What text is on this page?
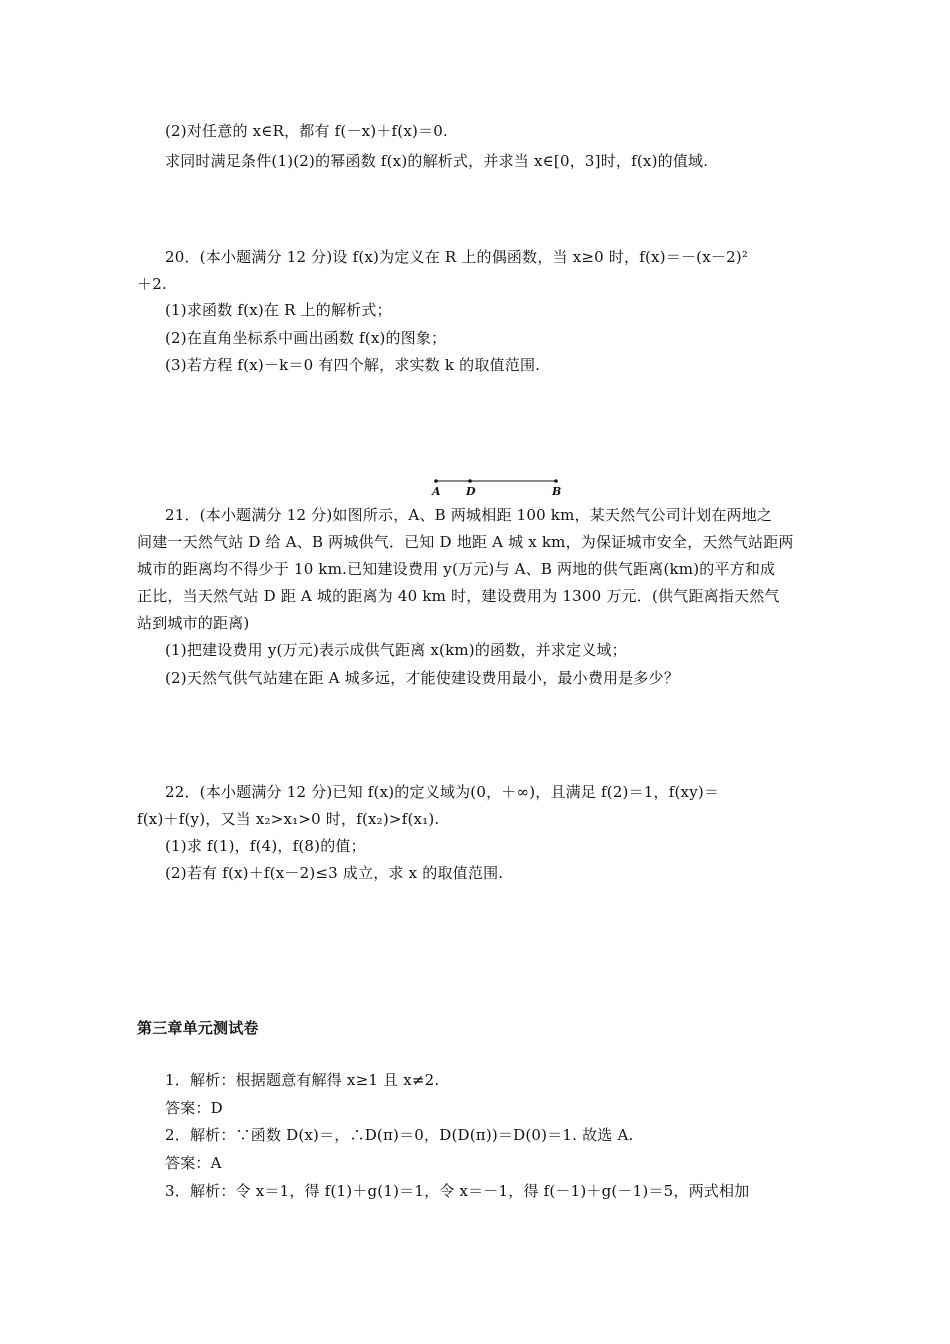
(2)对任意的 x∈R，都有 f(－x)＋f(x)＝0.
求同时满足条件(1)(2)的幂函数 f(x)的解析式，并求当 x∈[0，3]时，f(x)的值域.
20．(本小题满分 12 分)设 f(x)为定义在 R 上的偶函数，当 x≥0 时，f(x)＝－(x－2)²
＋2.
(1)求函数 f(x)在 R 上的解析式；
(2)在直角坐标系中画出函数 f(x)的图象；
(3)若方程 f(x)－k＝0 有四个解，求实数 k 的取值范围.
A D	B
21．(本小题满分 12 分)如图所示，A、B 两城相距 100 km，某天然气公司计划在两地之
间建一天然气站 D 给 A、B 两城供气．已知 D 地距 A 城 x km，为保证城市安全，天然气站距两
城市的距离均不得少于 10 km.已知建设费用 y(万元)与 A、B 两地的供气距离(km)的平方和成
正比，当天然气站 D 距 A 城的距离为 40 km 时，建设费用为 1300 万元．(供气距离指天然气
站到城市的距离)
(1)把建设费用 y(万元)表示成供气距离 x(km)的函数，并求定义域；
(2)天然气供气站建在距 A 城多远，才能使建设费用最小，最小费用是多少？
22．(本小题满分 12 分)已知 f(x)的定义域为(0，＋∞)，且满足 f(2)＝1，f(xy)＝
f(x)＋f(y)，又当 x₂>x₁>0 时，f(x₂)>f(x₁).
(1)求 f(1)，f(4)，f(8)的值；
(2)若有 f(x)＋f(x－2)≤3 成立，求 x 的取值范围.
第三章单元测试卷
1．解析：根据题意有解得 x≥1 且 x≠2.
答案：D
2．解析：∵函数 D(x)＝，∴D(π)＝0，D(D(π))＝D(0)＝1. 故选 A.
答案：A
3．解析：令 x＝1，得 f(1)＋g(1)＝1，令 x＝－1，得 f(－1)＋g(－1)＝5，两式相加
